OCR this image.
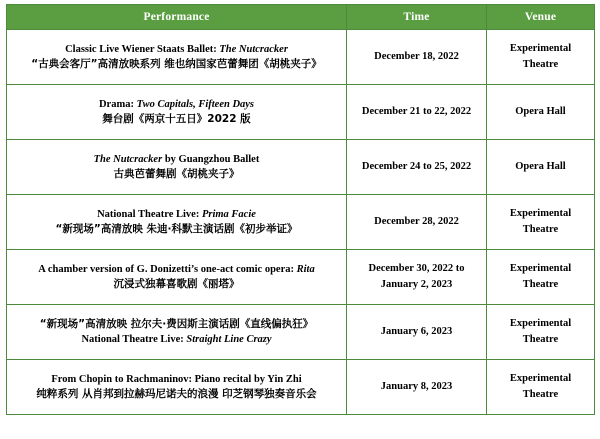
Performance	Time	Venue

Classic Live Wiener Staats Ballet: The Nutcracker
“古典会客厅”高清放映系列 维也纳国家芭蕾舞团《胡桃夹子》	December 18, 2022	Experimental
Theatre

Drama: Two Capitals, Fifteen Days
舞台剧《两京十五日》2022 版	December 21 to 22, 2022	Opera Hall

The Nutcracker by Guangzhou Ballet
古典芭蕾舞剧《胡桃夹子》	December 24 to 25, 2022	Opera Hall

National Theatre Live: Prima Facie
“新现场”高清放映 朱迪·科默主演话剧《初步举证》	December 28, 2022	Experimental
Theatre

A chamber version of G. Donizetti’s one-act comic opera: Rita
沉浸式独幕喜歌剧《丽塔》	December 30, 2022 to January 2, 2023	Experimental
Theatre

“新现场”高清放映 拉尔夫·费因斯主演话剧《直线偏执狂》
National Theatre Live: Straight Line Crazy	January 6, 2023	Experimental
Theatre

From Chopin to Rachmaninov: Piano recital by Yin Zhi
纯粹系列 从肖邦到拉赫玛尼诺夫的浪漫 印芝钢琴独奏音乐会	January 8, 2023	Experimental
Theatre
